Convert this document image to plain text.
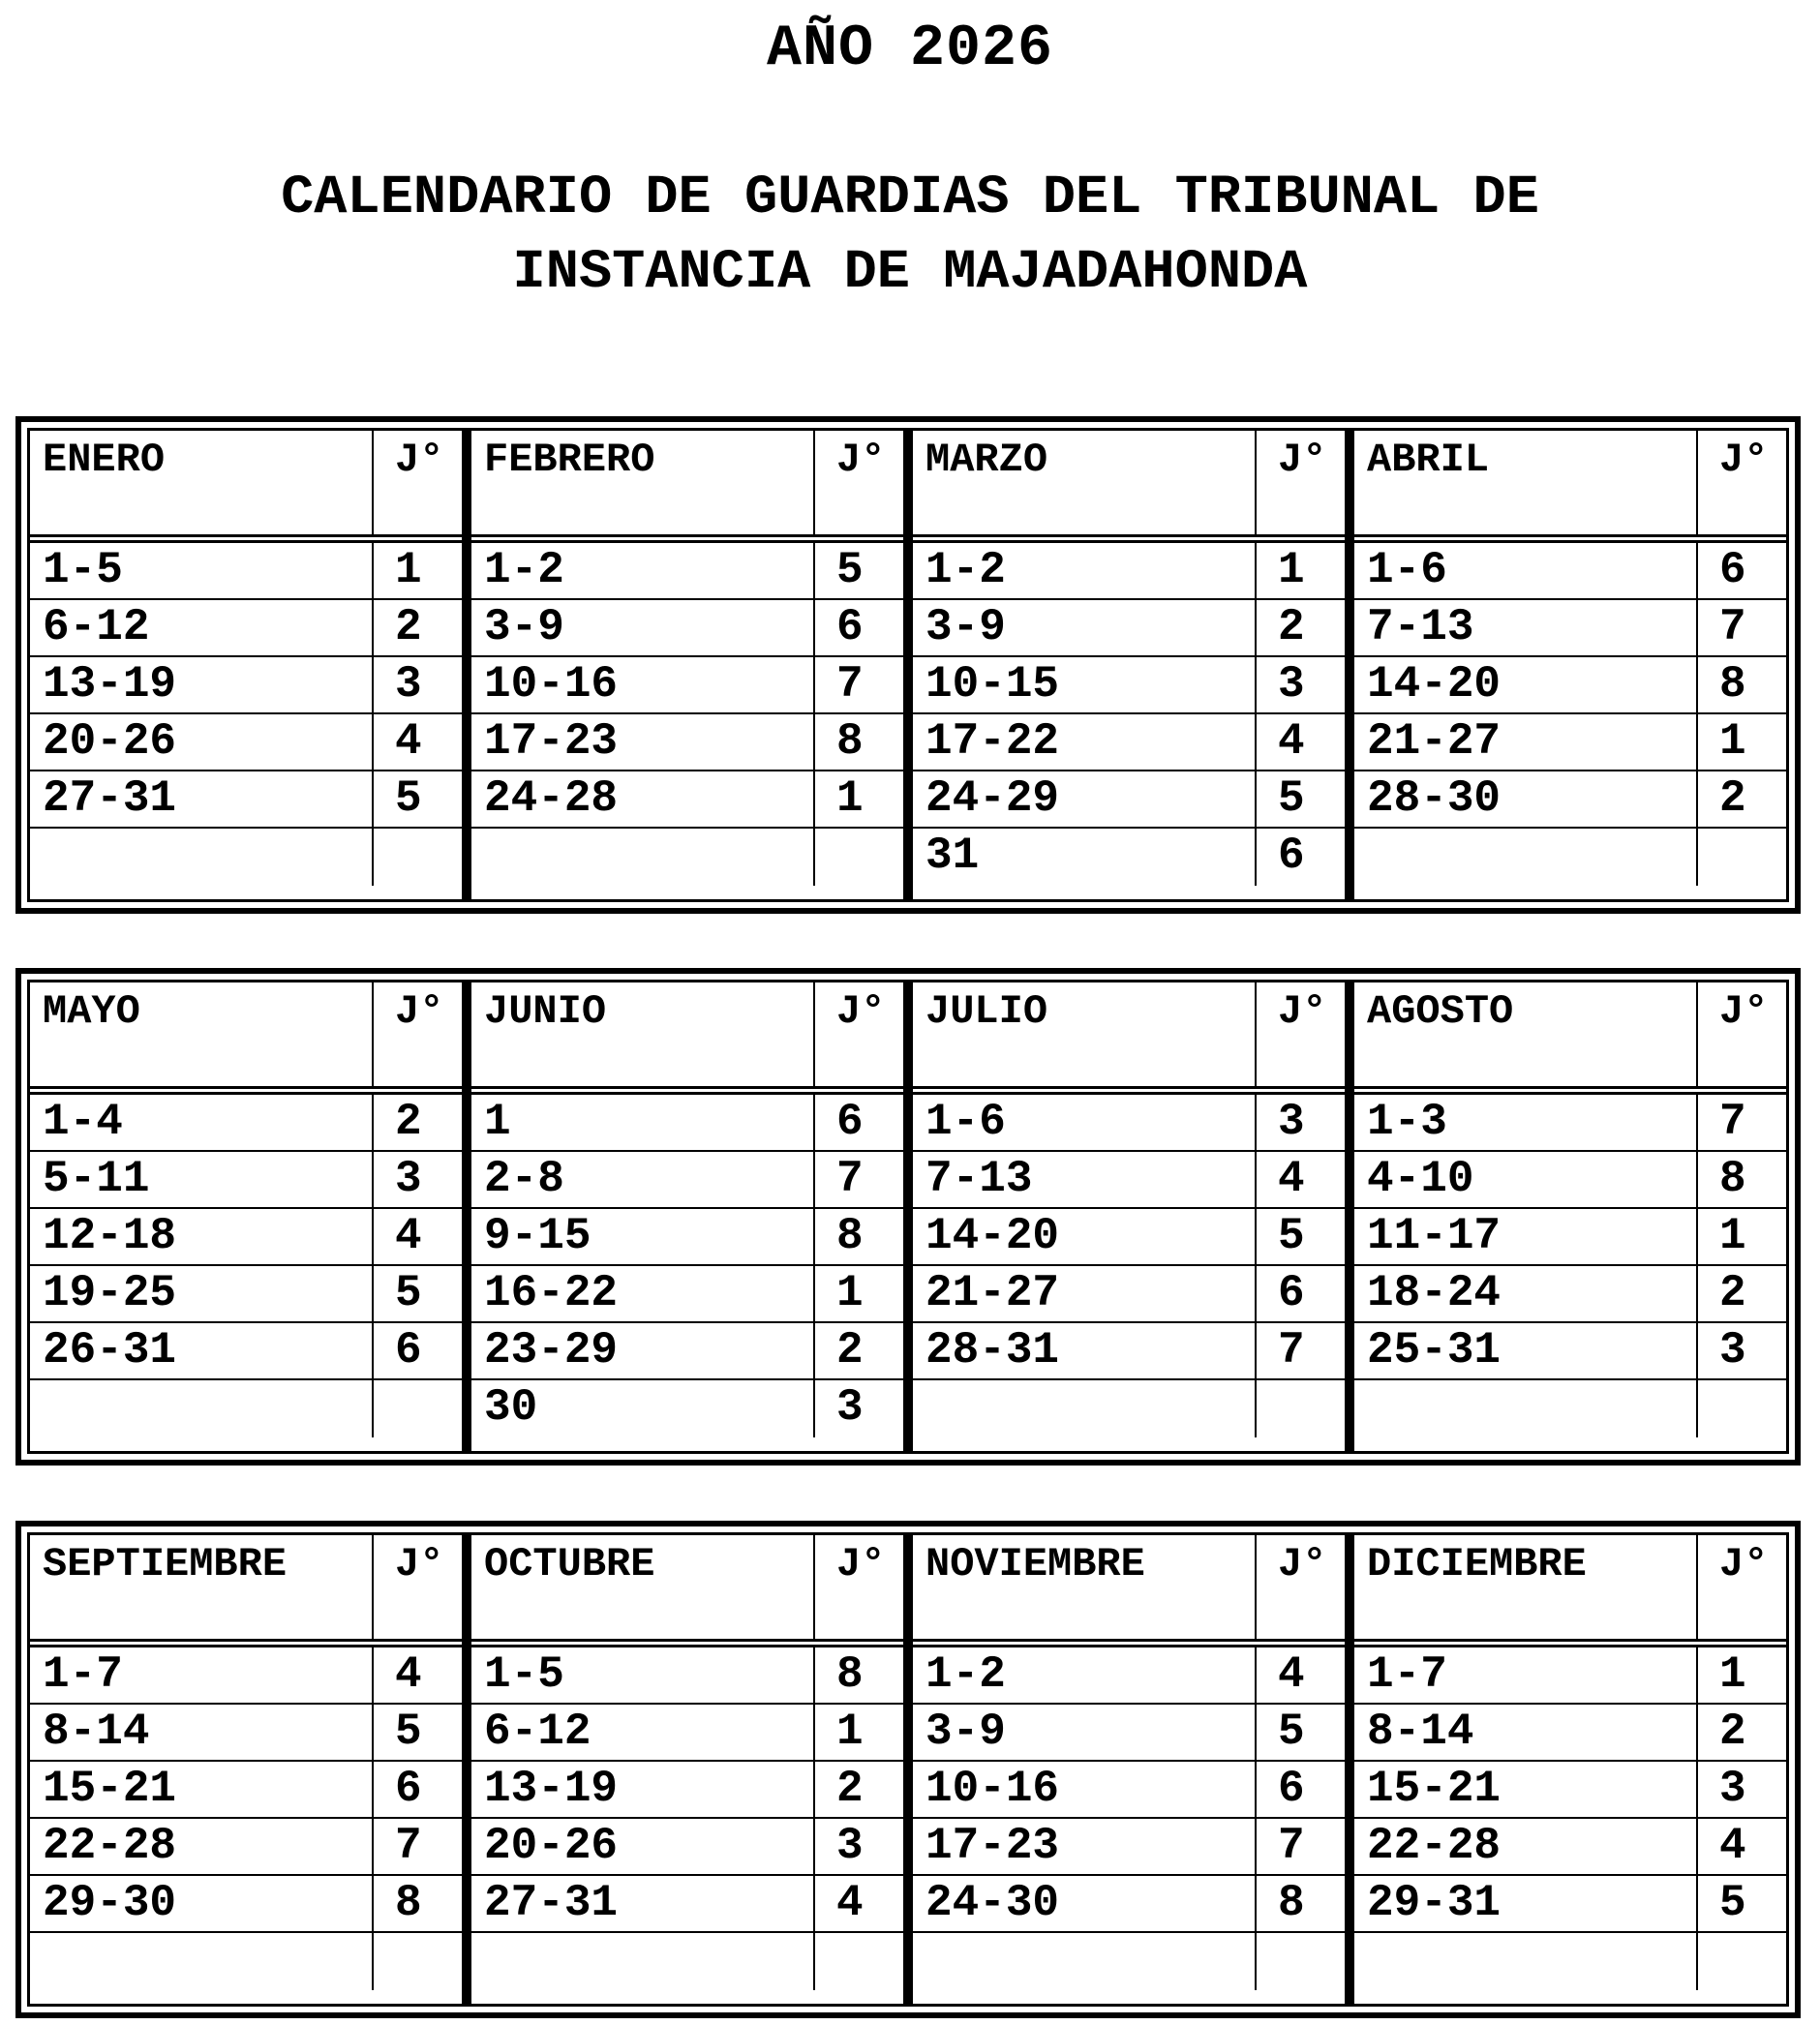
AÑO 2026
CALENDARIO DE GUARDIAS DEL TRIBUNAL DE
INSTANCIA DE MAJADAHONDA
ENERO	J°
1-5	1
6-12	2
13-19	3
20-26	4
27-31	5
FEBRERO	J°
1-2	5
3-9	6
10-16	7
17-23	8
24-28	1
MARZO	J°
1-2	1
3-9	2
10-15	3
17-22	4
24-29	5
31	6
ABRIL	J°
1-6	6
7-13	7
14-20	8
21-27	1
28-30	2
MAYO	J°
1-4	2
5-11	3
12-18	4
19-25	5
26-31	6
JUNIO	J°
1	6
2-8	7
9-15	8
16-22	1
23-29	2
30	3
JULIO	J°
1-6	3
7-13	4
14-20	5
21-27	6
28-31	7
AGOSTO	J°
1-3	7
4-10	8
11-17	1
18-24	2
25-31	3
SEPTIEMBRE	J°
1-7	4
8-14	5
15-21	6
22-28	7
29-30	8
OCTUBRE	J°
1-5	8
6-12	1
13-19	2
20-26	3
27-31	4
NOVIEMBRE	J°
1-2	4
3-9	5
10-16	6
17-23	7
24-30	8
DICIEMBRE	J°
1-7	1
8-14	2
15-21	3
22-28	4
29-31	5
